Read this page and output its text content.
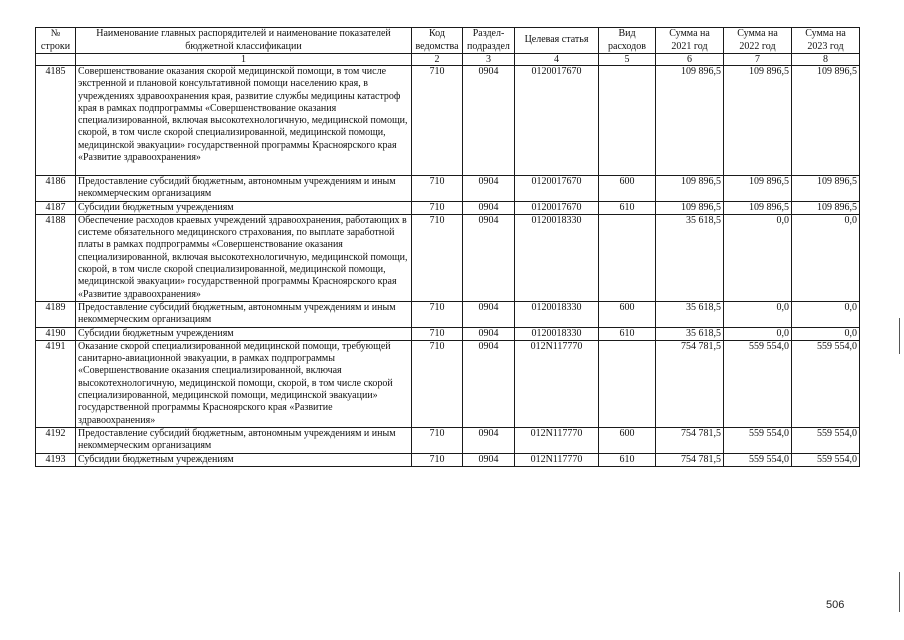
№ строки	Наименование главных распорядителей и наименование показателей бюджетной классификации	Код ведомства	Раздел-подраздел	Целевая статья	Вид расходов	Сумма на 2021 год	Сумма на 2022 год	Сумма на 2023 год
	1	2	3	4	5	6	7	8
4185	Совершенствование оказания скорой медицинской помощи, в том числе экстренной и плановой консультативной помощи населению края, в учреждениях здравоохранения края, развитие службы медицины катастроф края в рамках подпрограммы «Совершенствование оказания специализированной, включая высокотехнологичную, медицинской помощи, скорой, в том числе скорой специализированной, медицинской помощи, медицинской эвакуации» государственной программы Красноярского края «Развитие здравоохранения»	710	0904	0120017670		109 896,5	109 896,5	109 896,5
4186	Предоставление субсидий бюджетным, автономным учреждениям и иным некоммерческим организациям	710	0904	0120017670	600	109 896,5	109 896,5	109 896,5
4187	Субсидии бюджетным учреждениям	710	0904	0120017670	610	109 896,5	109 896,5	109 896,5
4188	Обеспечение расходов краевых учреждений здравоохранения, работающих в системе обязательного медицинского страхования, по выплате заработной платы в рамках подпрограммы «Совершенствование оказания специализированной, включая высокотехнологичную, медицинской помощи, скорой, в том числе скорой специализированной, медицинской помощи, медицинской эвакуации» государственной программы Красноярского края «Развитие здравоохранения»	710	0904	0120018330		35 618,5	0,0	0,0
4189	Предоставление субсидий бюджетным, автономным учреждениям и иным некоммерческим организациям	710	0904	0120018330	600	35 618,5	0,0	0,0
4190	Субсидии бюджетным учреждениям	710	0904	0120018330	610	35 618,5	0,0	0,0
4191	Оказание скорой специализированной медицинской помощи, требующей санитарно-авиационной эвакуации, в рамках подпрограммы «Совершенствование оказания специализированной, включая высокотехнологичную, медицинской помощи, скорой, в том числе скорой специализированной, медицинской помощи, медицинской эвакуации» государственной программы Красноярского края «Развитие здравоохранения»	710	0904	012N117770		754 781,5	559 554,0	559 554,0
4192	Предоставление субсидий бюджетным, автономным учреждениям и иным некоммерческим организациям	710	0904	012N117770	600	754 781,5	559 554,0	559 554,0
4193	Субсидии бюджетным учреждениям	710	0904	012N117770	610	754 781,5	559 554,0	559 554,0
506
